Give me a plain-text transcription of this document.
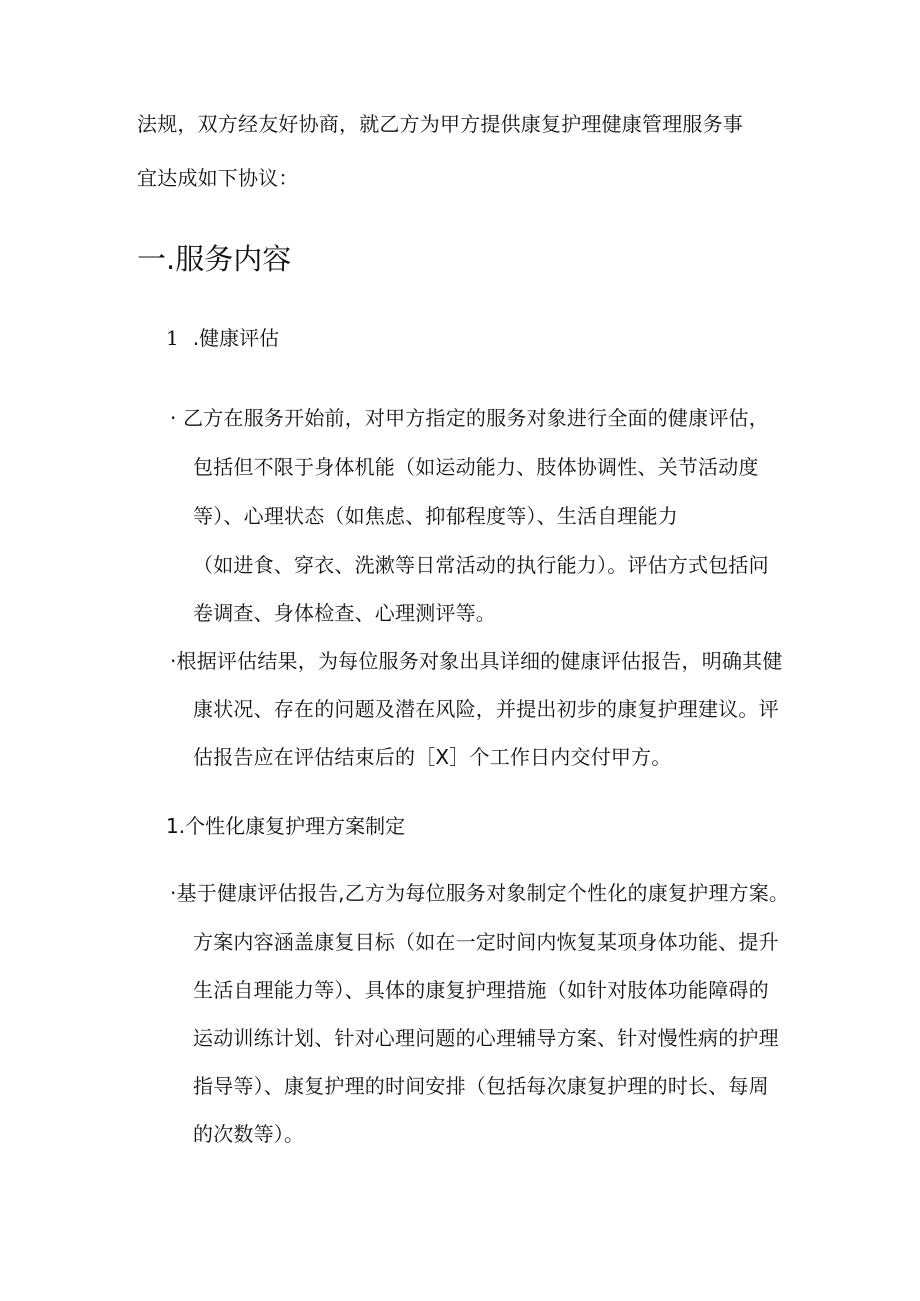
法规，双方经友好协商，就乙方为甲方提供康复护理健康管理服务事
宜达成如下协议：
一.服务内容
1 .健康评估
· 乙方在服务开始前，对甲方指定的服务对象进行全面的健康评估，
包括但不限于身体机能（如运动能力、肢体协调性、关节活动度
等）、心理状态（如焦虑、抑郁程度等）、生活自理能力
（如进食、穿衣、洗漱等日常活动的执行能力）。评估方式包括问
卷调查、身体检查、心理测评等。
·根据评估结果，为每位服务对象出具详细的健康评估报告，明确其健
康状况、存在的问题及潜在风险，并提出初步的康复护理建议。评
估报告应在评估结束后的［X］个工作日内交付甲方。
1.个性化康复护理方案制定
·基于健康评估报告,乙方为每位服务对象制定个性化的康复护理方案。
方案内容涵盖康复目标（如在一定时间内恢复某项身体功能、提升
生活自理能力等）、具体的康复护理措施（如针对肢体功能障碍的
运动训练计划、针对心理问题的心理辅导方案、针对慢性病的护理
指导等）、康复护理的时间安排（包括每次康复护理的时长、每周
的次数等）。
